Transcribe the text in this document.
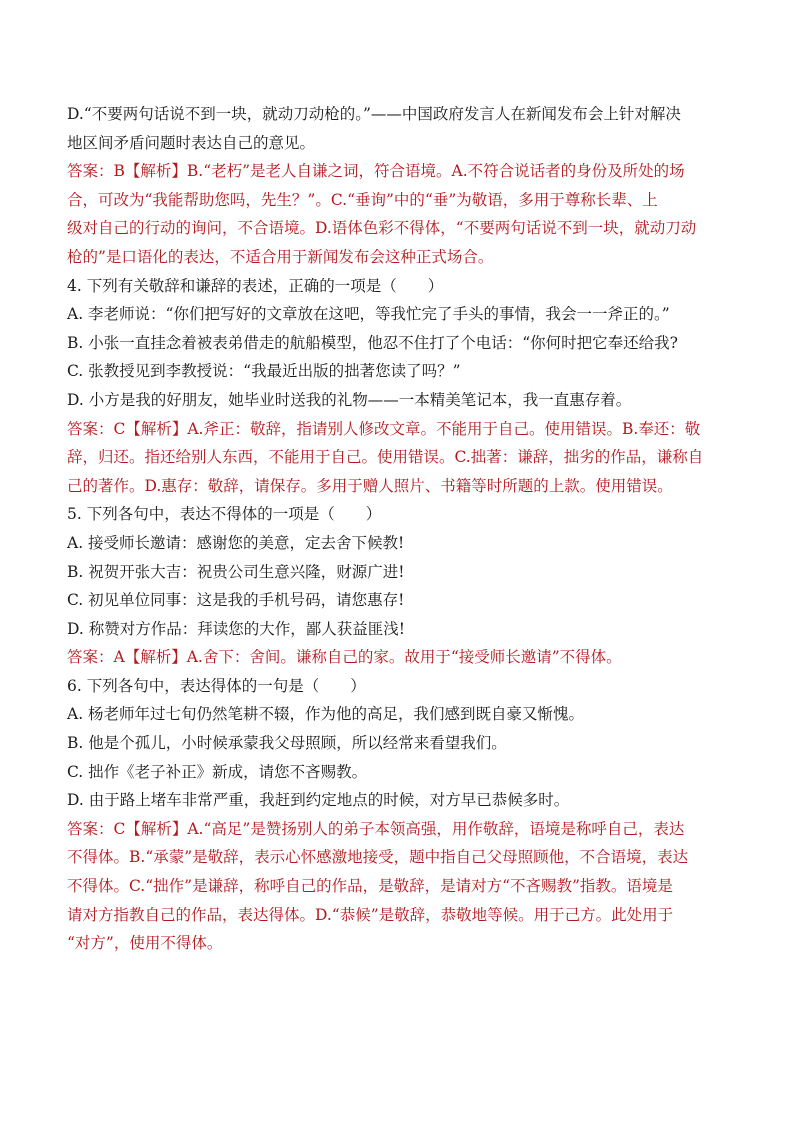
D.“不要两句话说不到一块，就动刀动枪的。”——中国政府发言人在新闻发布会上针对解决
地区间矛盾问题时表达自己的意见。
答案：B【解析】B.“老朽”是老人自谦之词，符合语境。A.不符合说话者的身份及所处的场
合，可改为“我能帮助您吗，先生？”。C.“垂询”中的“垂”为敬语，多用于尊称长辈、上
级对自己的行动的询问，不合语境。D.语体色彩不得体，“不要两句话说不到一块，就动刀动
枪的”是口语化的表达，不适合用于新闻发布会这种正式场合。
4. 下列有关敬辞和谦辞的表述，正确的一项是（　　）
A. 李老师说：“你们把写好的文章放在这吧，等我忙完了手头的事情，我会一一斧正的。”
B. 小张一直挂念着被表弟借走的航船模型，他忍不住打了个电话：“你何时把它奉还给我?
C. 张教授见到李教授说：“我最近出版的拙著您读了吗？”
D. 小方是我的好朋友，她毕业时送我的礼物——一本精美笔记本，我一直惠存着。
答案：C【解析】A.斧正：敬辞，指请别人修改文章。不能用于自己。使用错误。B.奉还：敬
辞，归还。指还给别人东西，不能用于自己。使用错误。C.拙著：谦辞，拙劣的作品，谦称自
己的著作。D.惠存：敬辞，请保存。多用于赠人照片、书籍等时所题的上款。使用错误。
5. 下列各句中，表达不得体的一项是（　　）
A. 接受师长邀请：感谢您的美意，定去舍下候教!
B. 祝贺开张大吉：祝贵公司生意兴隆，财源广进!
C. 初见单位同事：这是我的手机号码，请您惠存!
D. 称赞对方作品：拜读您的大作，鄙人获益匪浅!
答案：A【解析】A.舍下：舍间。谦称自己的家。故用于“接受师长邀请”不得体。
6. 下列各句中，表达得体的一句是（　　）
A. 杨老师年过七旬仍然笔耕不辍，作为他的高足，我们感到既自豪又惭愧。
B. 他是个孤儿，小时候承蒙我父母照顾，所以经常来看望我们。
C. 拙作《老子补正》新成，请您不吝赐教。
D. 由于路上堵车非常严重，我赶到约定地点的时候，对方早已恭候多时。
答案：C【解析】A.“高足”是赞扬别人的弟子本领高强，用作敬辞，语境是称呼自己，表达
不得体。B.“承蒙”是敬辞，表示心怀感激地接受，题中指自己父母照顾他，不合语境，表达
不得体。C.“拙作”是谦辞，称呼自己的作品，是敬辞，是请对方“不吝赐教”指教。语境是
请对方指教自己的作品，表达得体。D.“恭候”是敬辞，恭敬地等候。用于己方。此处用于
“对方”，使用不得体。
